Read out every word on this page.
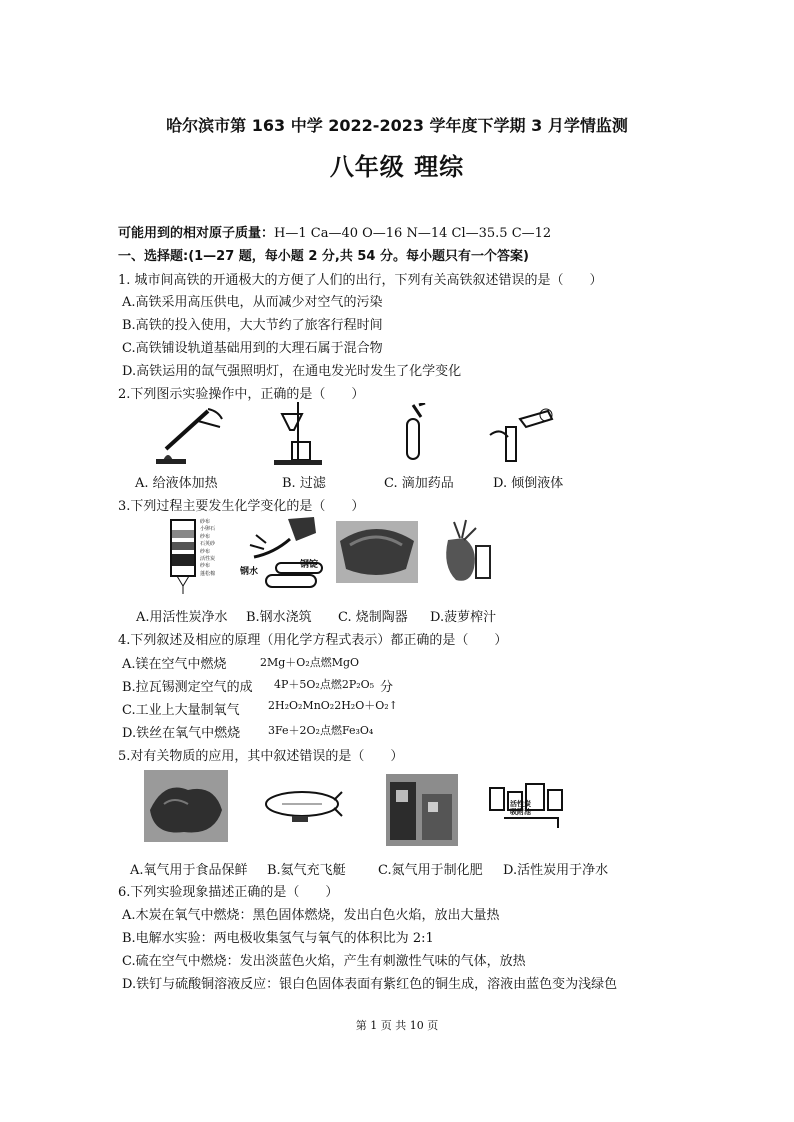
哈尔滨市第 163 中学 2022-2023 学年度下学期 3 月学情监测
八年级 理综
可能用到的相对原子质量：H—1 Ca—40 O—16 N—14 Cl—35.5 C—12
一、选择题:(1—27 题，每小题 2 分,共 54 分。每小题只有一个答案)
1. 城市间高铁的开通极大的方便了人们的出行，下列有关高铁叙述错误的是（　　）
A.高铁采用高压供电，从而减少对空气的污染
B.高铁的投入使用，大大节约了旅客行程时间
C.高铁铺设轨道基础用到的大理石属于混合物
D.高铁运用的氙气强照明灯，在通电发光时发生了化学变化
2.下列图示实验操作中，正确的是（　　）
A. 给液体加热	B. 过滤	C. 滴加药品	D. 倾倒液体
3.下列过程主要发生化学变化的是（　　）
砂布
小卵石
纱布
石英砂
纱布
活性炭
纱布
蓬松棉	钢水
钢锭
A.用活性炭净水 B.钢水浇筑 C. 烧制陶器 D.菠萝榨汁
4.下列叙述及相应的原理（用化学方程式表示）都正确的是（　　）
A.镁在空气中燃烧	2Mg＋O₂点燃MgO
B.拉瓦锡测定空气的成 4P＋5O₂点燃2P₂O₅ 分
C.工业上大量制氧气	2H₂O₂MnO₂2H₂O＋O₂↑
D.铁丝在氧气中燃烧	3Fe＋2O₂点燃Fe₃O₄
5.对有关物质的应用，其中叙述错误的是（　　）
活性炭
吸附池
A.氧气用于食品保鲜 B.氦气充飞艇 C.氮气用于制化肥 D.活性炭用于净水
6.下列实验现象描述正确的是（　　）
A.木炭在氧气中燃烧：黑色固体燃烧，发出白色火焰，放出大量热
B.电解水实验：两电极收集氢气与氧气的体积比为 2:1
C.硫在空气中燃烧：发出淡蓝色火焰，产生有刺激性气味的气体，放热
D.铁钉与硫酸铜溶液反应：银白色固体表面有紫红色的铜生成，溶液由蓝色变为浅绿色
第 1 页 共 10 页
